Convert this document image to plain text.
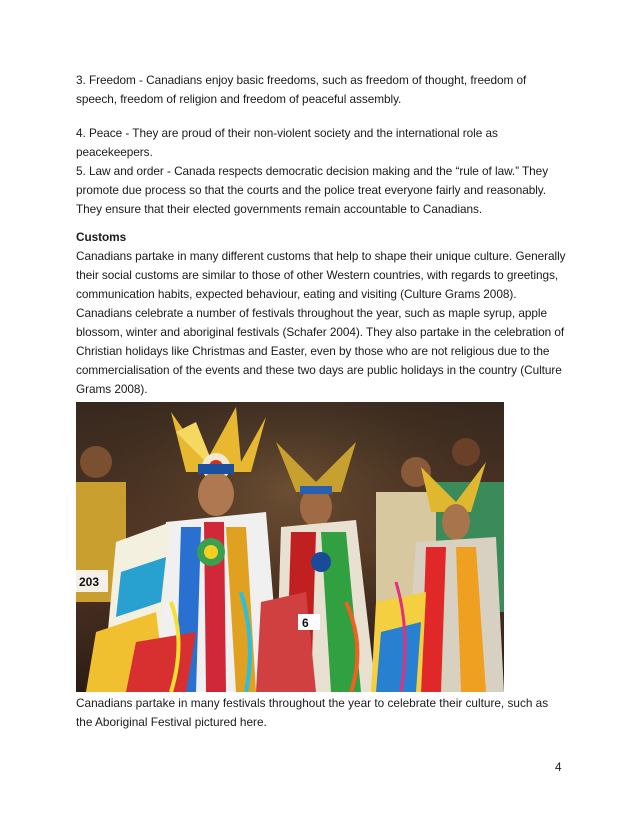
3. Freedom - Canadians enjoy basic freedoms, such as freedom of thought, freedom of speech, freedom of religion and freedom of peaceful assembly.

4. Peace - They are proud of their non-violent society and the international role as peacekeepers.

5. Law and order - Canada respects democratic decision making and the “rule of law.” They promote due process so that the courts and the police treat everyone fairly and reasonably. They ensure that their elected governments remain accountable to Canadians.

Customs

Canadians partake in many different customs that help to shape their unique culture. Generally their social customs are similar to those of other Western countries, with regards to greetings, communication habits, expected behaviour, eating and visiting (Culture Grams 2008).

Canadians celebrate a number of festivals throughout the year, such as maple syrup, apple blossom, winter and aboriginal festivals (Schafer 2004). They also partake in the celebration of Christian holidays like Christmas and Easter, even by those who are not religious due to the commercialisation of the events and these two days are public holidays in the country (Culture Grams 2008).

203
6
Canadians partake in many festivals throughout the year to celebrate their culture, such as the Aboriginal Festival pictured here.
4
